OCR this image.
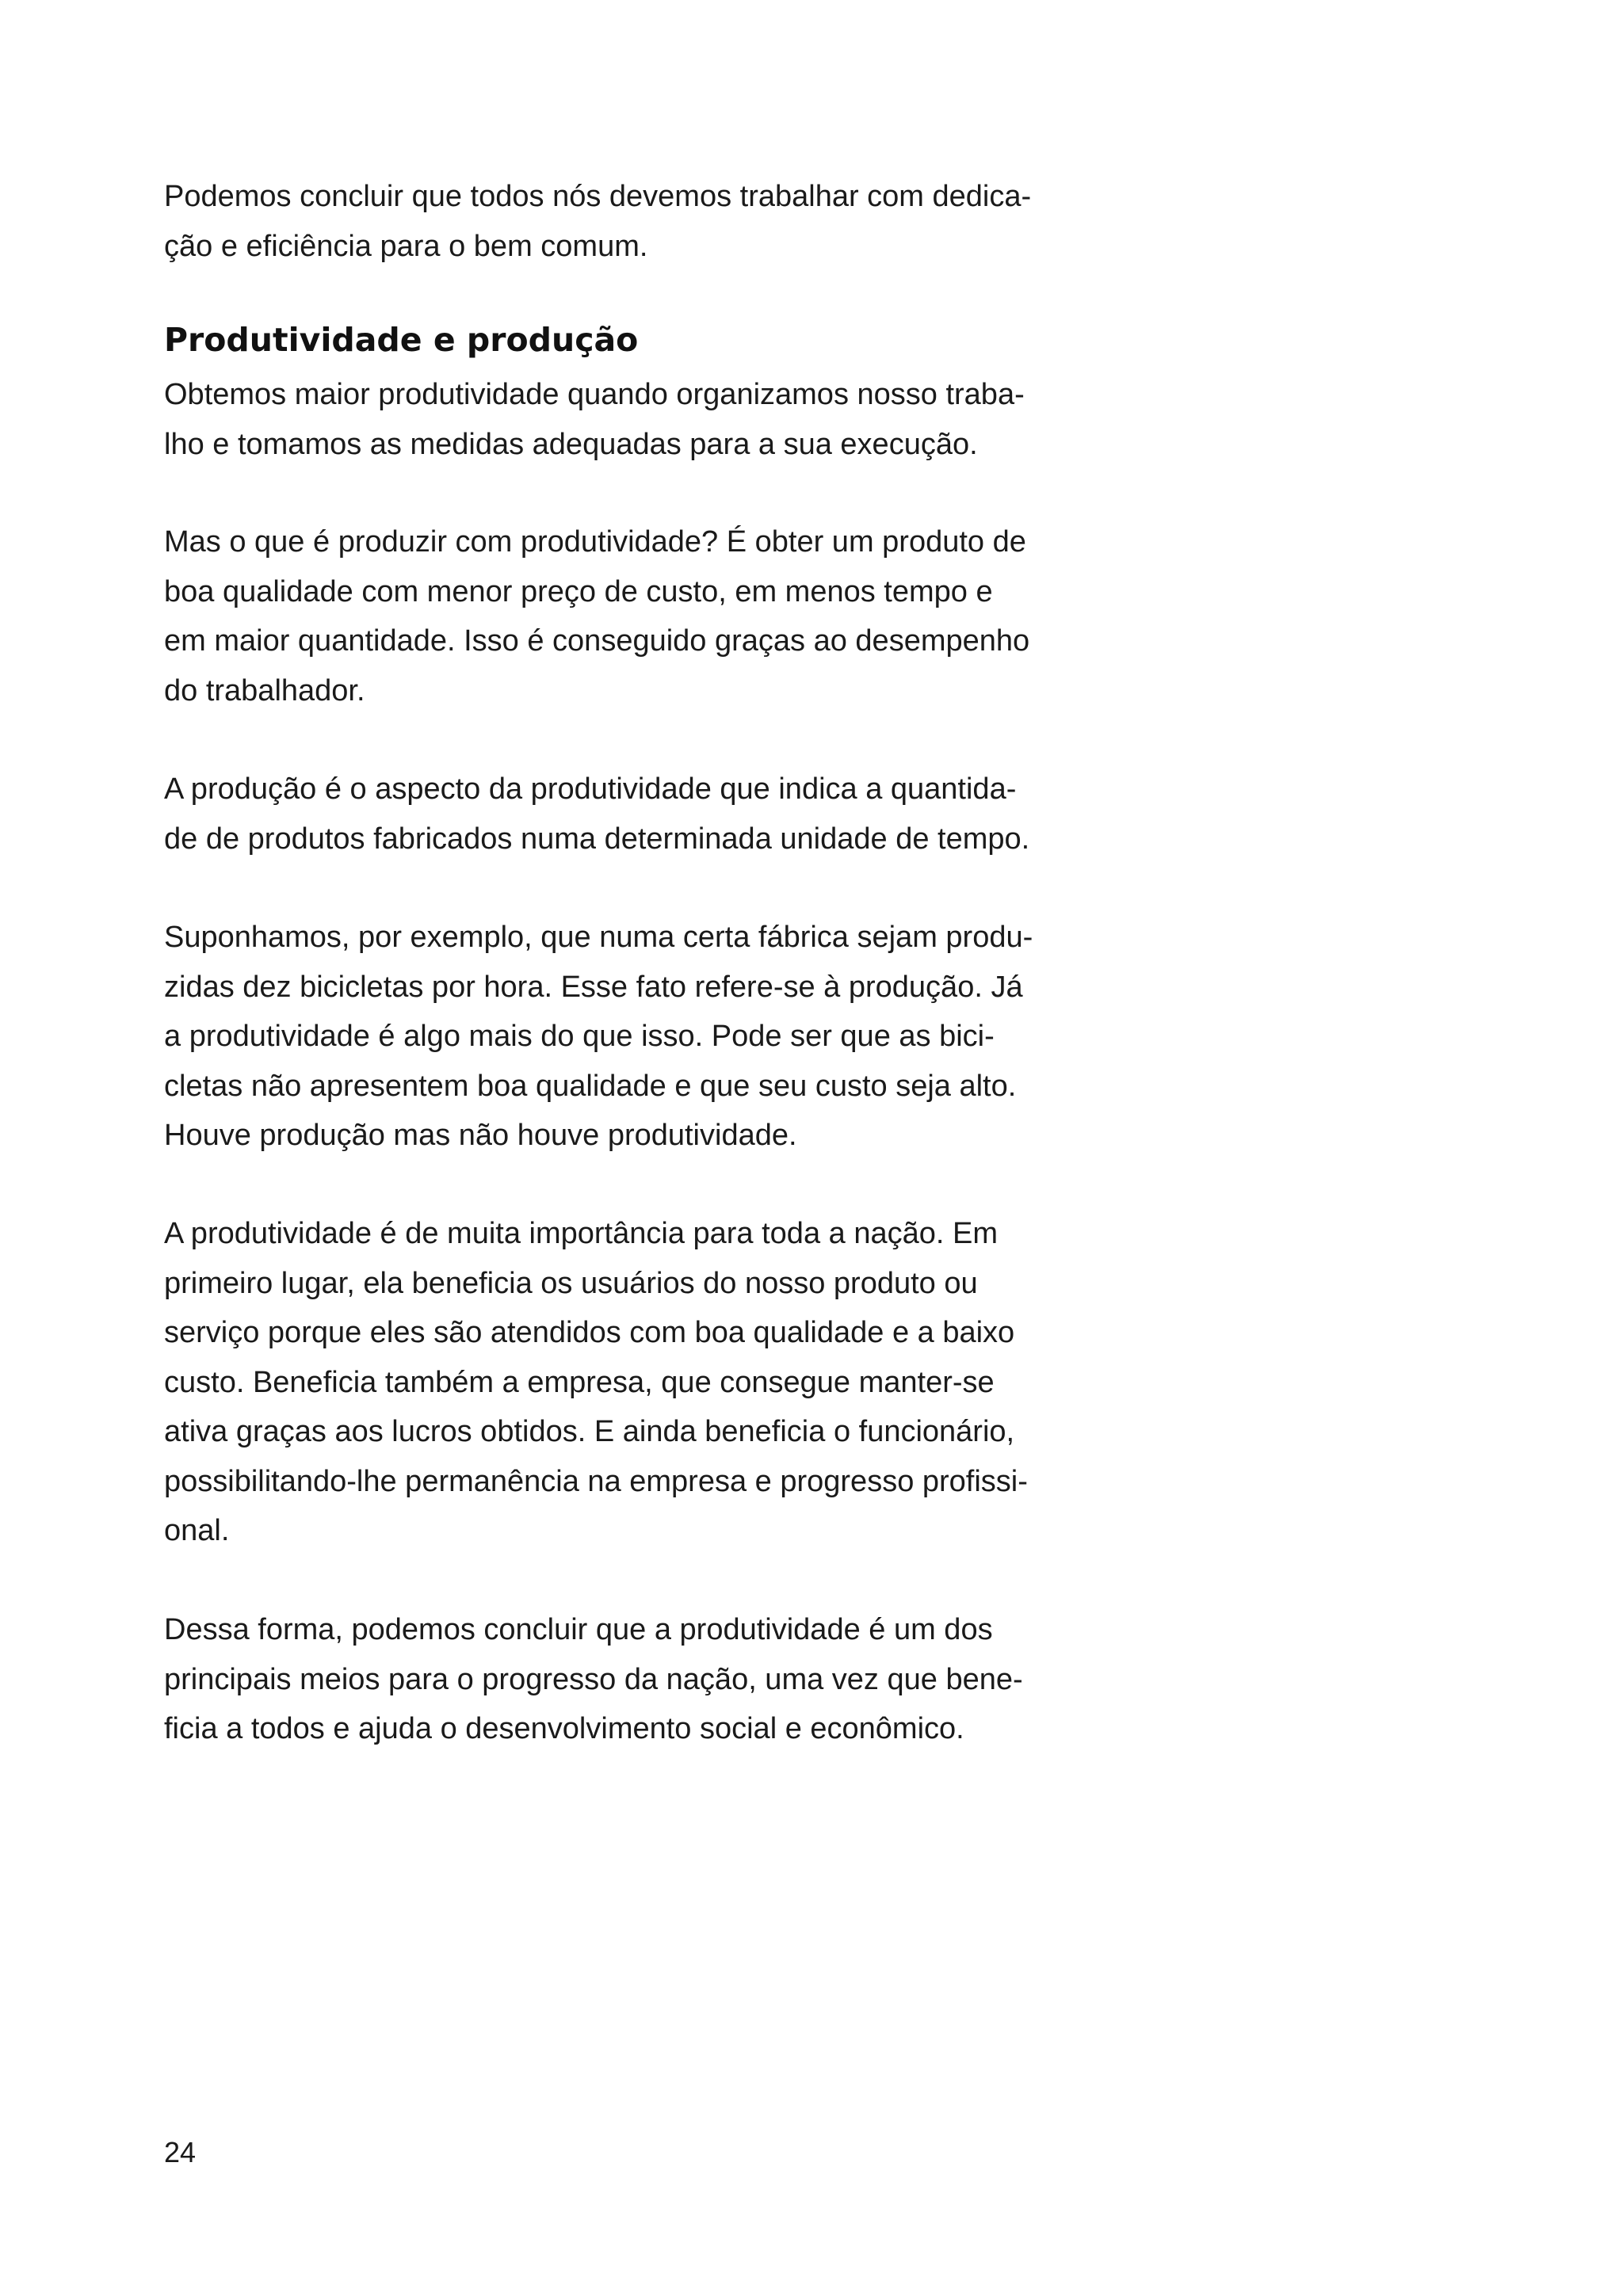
Podemos concluir que todos nós devemos trabalhar com dedica-
ção e eficiência para o bem comum.

Produtividade e produção

Obtemos maior produtividade quando organizamos nosso traba-
lho e tomamos as medidas adequadas para a sua execução.

Mas o que é produzir com produtividade? É obter um produto de
boa qualidade com menor preço de custo, em menos tempo e
em maior quantidade. Isso é conseguido graças ao desempenho
do trabalhador.

A produção é o aspecto da produtividade que indica a quantida-
de de produtos fabricados numa determinada unidade de tempo.

Suponhamos, por exemplo, que numa certa fábrica sejam produ-
zidas dez bicicletas por hora. Esse fato refere-se à produção. Já
a produtividade é algo mais do que isso. Pode ser que as bici-
cletas não apresentem boa qualidade e que seu custo seja alto.
Houve produção mas não houve produtividade.

A produtividade é de muita importância para toda a nação. Em
primeiro lugar, ela beneficia os usuários do nosso produto ou
serviço porque eles são atendidos com boa qualidade e a baixo
custo. Beneficia também a empresa, que consegue manter-se
ativa graças aos lucros obtidos. E ainda beneficia o funcionário,
possibilitando-lhe permanência na empresa e progresso profissi-
onal.

Dessa forma, podemos concluir que a produtividade é um dos
principais meios para o progresso da nação, uma vez que bene-
ficia a todos e ajuda o desenvolvimento social e econômico.

24
